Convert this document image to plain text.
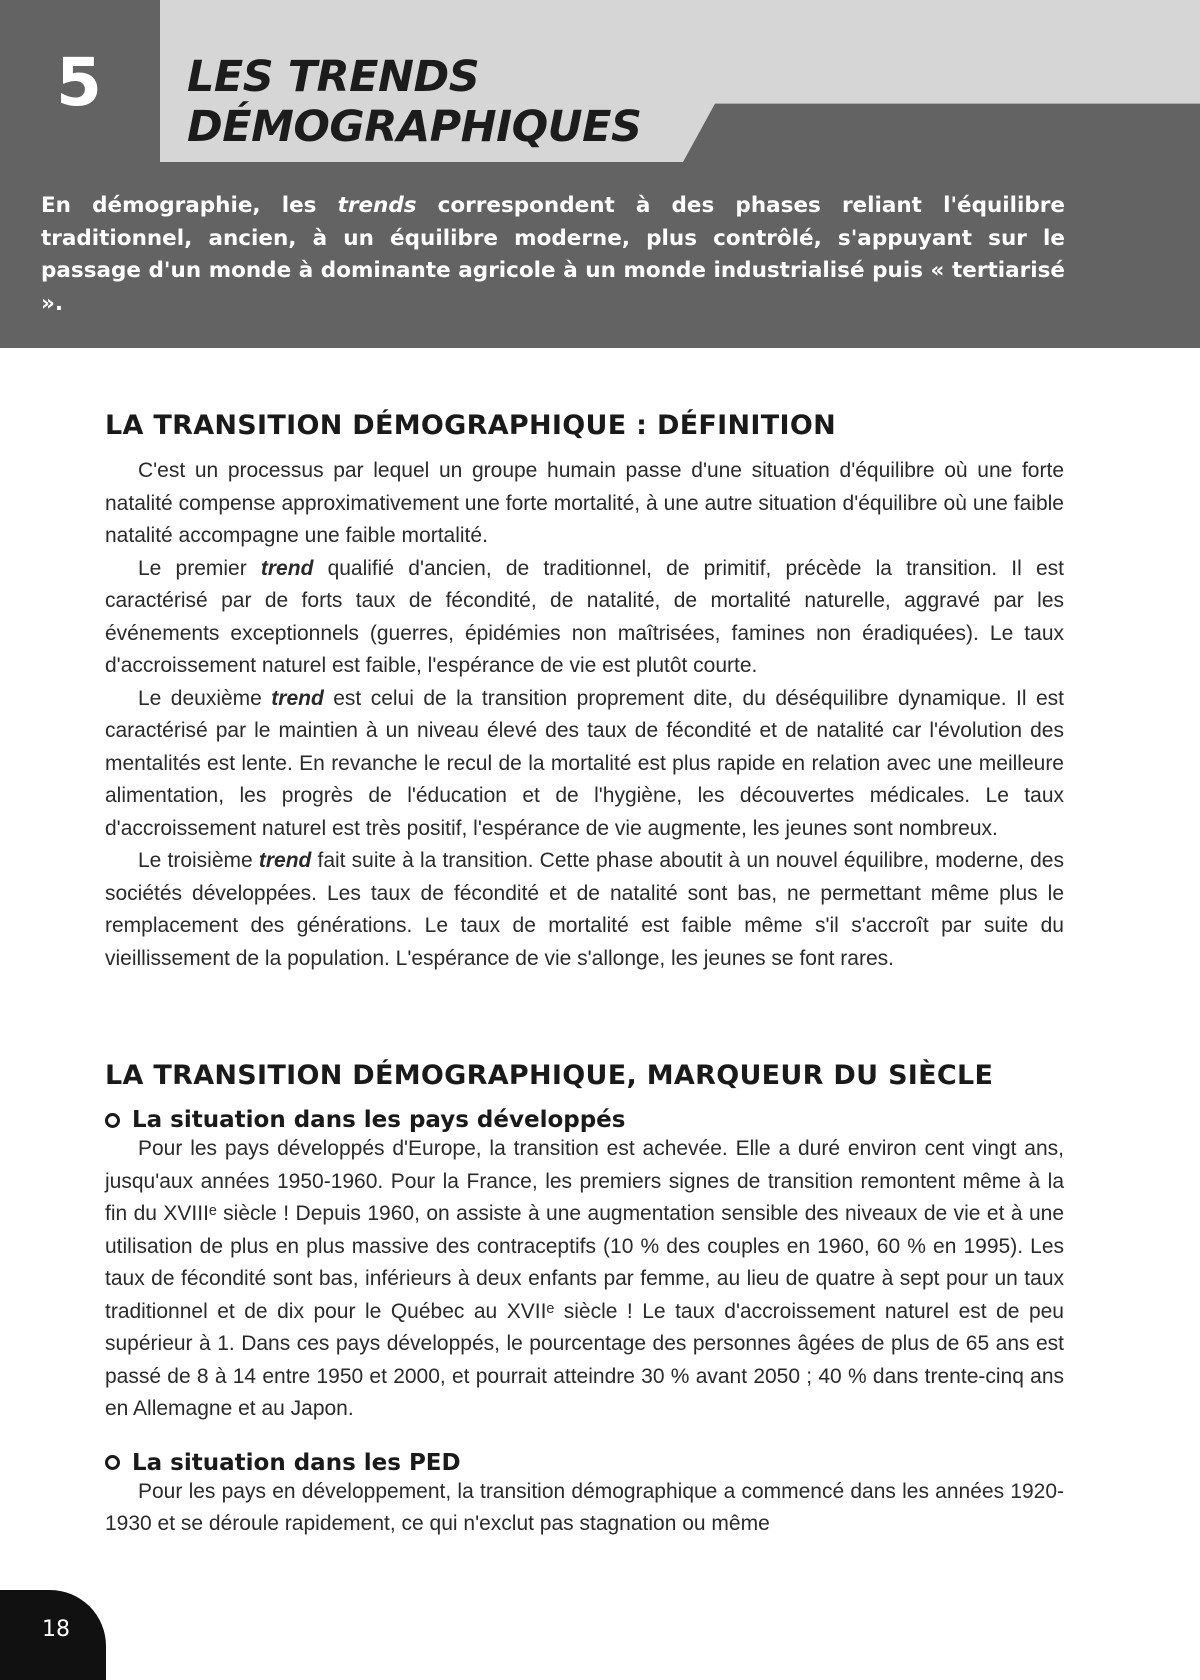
5 LES TRENDS
DÉMOGRAPHIQUES
En démographie, les trends correspondent à des phases reliant l'équilibre traditionnel, ancien, à un équilibre moderne, plus contrôlé, s'appuyant sur le passage d'un monde à dominante agricole à un monde industrialisé puis « tertiarisé ».
LA TRANSITION DÉMOGRAPHIQUE : DÉFINITION

C'est un processus par lequel un groupe humain passe d'une situation d'équilibre où une forte natalité compense approximativement une forte mortalité, à une autre situation d'équilibre où une faible natalité accompagne une faible mortalité.

Le premier trend qualifié d'ancien, de traditionnel, de primitif, précède la transition. Il est caractérisé par de forts taux de fécondité, de natalité, de mortalité naturelle, aggravé par les événements exceptionnels (guerres, épidémies non maîtrisées, famines non éradiquées). Le taux d'accroissement naturel est faible, l'espérance de vie est plutôt courte.

Le deuxième trend est celui de la transition proprement dite, du déséquilibre dynamique. Il est caractérisé par le maintien à un niveau élevé des taux de fécondité et de natalité car l'évolution des mentalités est lente. En revanche le recul de la mortalité est plus rapide en relation avec une meilleure alimentation, les progrès de l'éducation et de l'hygiène, les découvertes médicales. Le taux d'accroissement naturel est très positif, l'espérance de vie augmente, les jeunes sont nombreux.

Le troisième trend fait suite à la transition. Cette phase aboutit à un nouvel équilibre, moderne, des sociétés développées. Les taux de fécondité et de natalité sont bas, ne permettant même plus le remplacement des générations. Le taux de mortalité est faible même s'il s'accroît par suite du vieillissement de la population. L'espérance de vie s'allonge, les jeunes se font rares.

LA TRANSITION DÉMOGRAPHIQUE, MARQUEUR DU SIÈCLE
La situation dans les pays développés

Pour les pays développés d'Europe, la transition est achevée. Elle a duré environ cent vingt ans, jusqu'aux années 1950-1960. Pour la France, les premiers signes de transition remontent même à la fin du XVIIIᵉ siècle ! Depuis 1960, on assiste à une augmentation sensible des niveaux de vie et à une utilisation de plus en plus massive des contraceptifs (10 % des couples en 1960, 60 % en 1995). Les taux de fécondité sont bas, inférieurs à deux enfants par femme, au lieu de quatre à sept pour un taux traditionnel et de dix pour le Québec au XVIIᵉ siècle ! Le taux d'accroissement naturel est de peu supérieur à 1. Dans ces pays développés, le pourcentage des personnes âgées de plus de 65 ans est passé de 8 à 14 entre 1950 et 2000, et pourrait atteindre 30 % avant 2050 ; 40 % dans trente-cinq ans en Allemagne et au Japon.

La situation dans les PED

Pour les pays en développement, la transition démographique a commencé dans les années 1920-1930 et se déroule rapidement, ce qui n'exclut pas stagnation ou même

18
